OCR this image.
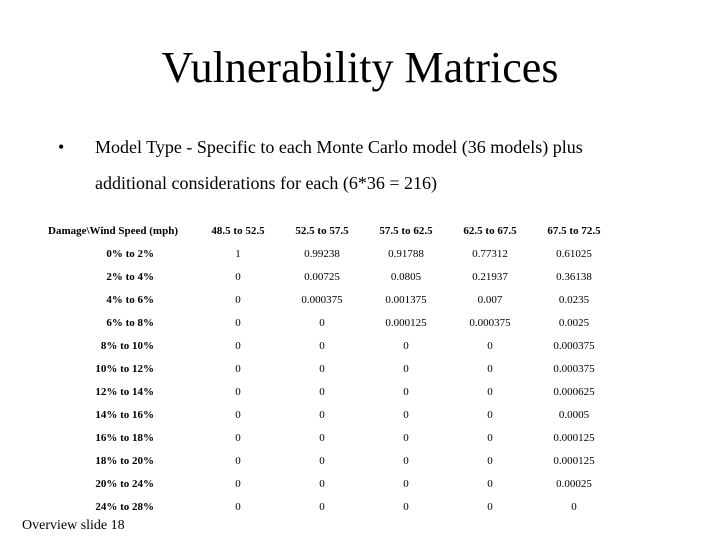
Vulnerability Matrices
• Model Type - Specific to each Monte Carlo model (36 models) plus
additional considerations for each (6*36 = 216)
Damage\Wind Speed (mph)		48.5 to 52.5	52.5 to 57.5	57.5 to 62.5	62.5 to 67.5	67.5 to 72.5
0% to 2%		1	0.99238	0.91788	0.77312	0.61025
2% to 4%		0	0.00725	0.0805	0.21937	0.36138
4% to 6%		0	0.000375	0.001375	0.007	0.0235
6% to 8%		0	0	0.000125	0.000375	0.0025
8% to 10%		0	0	0	0	0.000375
10% to 12%		0	0	0	0	0.000375
12% to 14%		0	0	0	0	0.000625
14% to 16%		0	0	0	0	0.0005
16% to 18%		0	0	0	0	0.000125
18% to 20%		0	0	0	0	0.000125
20% to 24%		0	0	0	0	0.00025
24% to 28%		0	0	0	0	0
Overview slide 18
